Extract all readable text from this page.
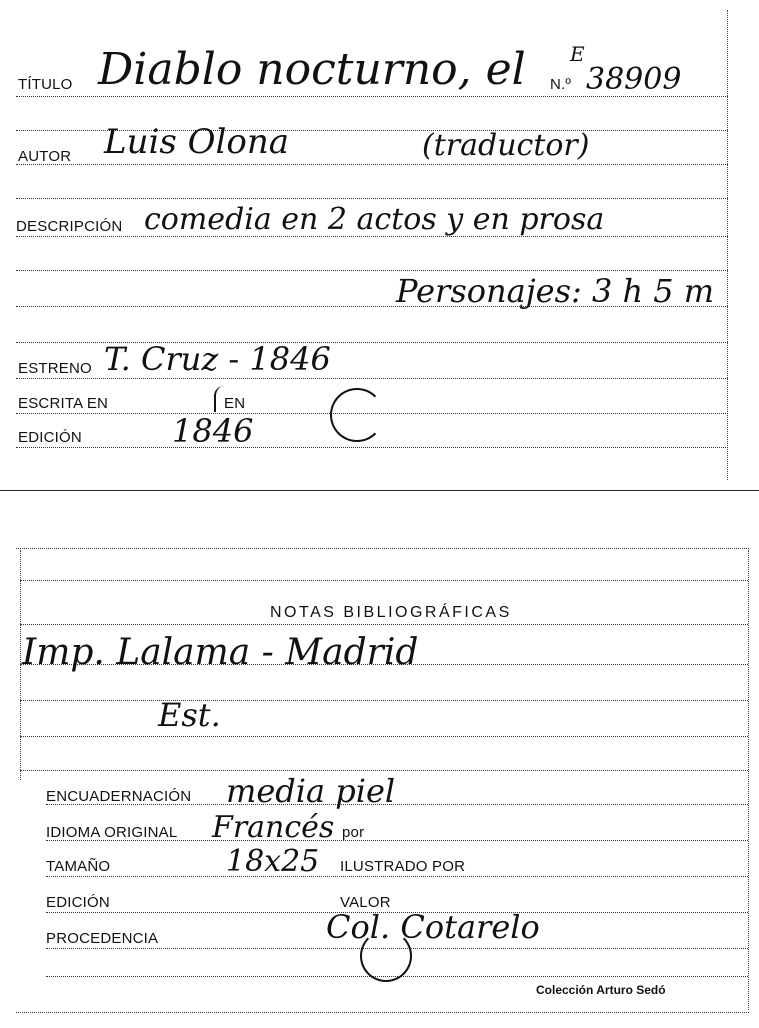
TÍTULO Diablo nocturno, el N.º
E
38909
AUTOR Luis Olona	(traductor)
DESCRIPCIÓN comedia en 2 actos y en prosa
Personajes: 3 h 5 m
ESTRENO T. Cruz - 1846
ESCRITA EN	EN
EDICIÓN	1846
NOTAS BIBLIOGRÁFICAS
Imp. Lalama - Madrid
Est.
ENCUADERNACIÓN media piel
IDIOMA ORIGINAL Francés por
TAMAÑO	18x25 ILUSTRADO POR
EDICIÓN	VALOR
PROCEDENCIA	Col. Cotarelo
Colección Arturo Sedó
